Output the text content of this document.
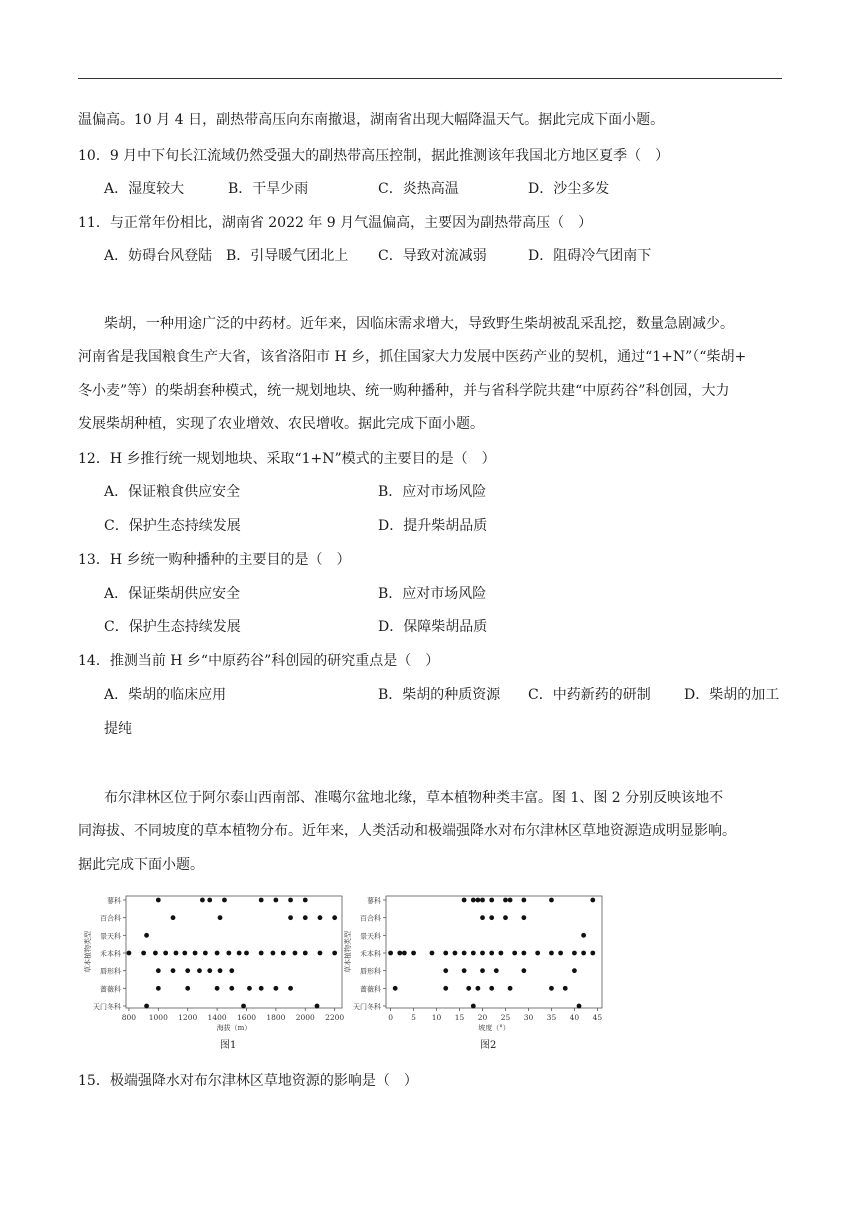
温偏高。10 月 4 日，副热带高压向东南撤退，湖南省出现大幅降温天气。据此完成下面小题。
10．9 月中下旬长江流域仍然受强大的副热带高压控制，据此推测该年我国北方地区夏季（　）
A．湿度较大	B．干旱少雨	C．炎热高温	D．沙尘多发
11．与正常年份相比，湖南省 2022 年 9 月气温偏高，主要因为副热带高压（　）
A．妨碍台风登陆 B．引导暖气团北上 C．导致对流减弱	D．阻碍冷气团南下
柴胡，一种用途广泛的中药材。近年来，因临床需求增大，导致野生柴胡被乱采乱挖，数量急剧减少。
河南省是我国粮食生产大省，该省洛阳市 H 乡，抓住国家大力发展中医药产业的契机，通过“1+N”（“柴胡+
冬小麦”等）的柴胡套种模式，统一规划地块、统一购种播种，并与省科学院共建“中原药谷”科创园，大力
发展柴胡种植，实现了农业增效、农民增收。据此完成下面小题。
12．H 乡推行统一规划地块、采取“1+N”模式的主要目的是（　）
A．保证粮食供应安全	B．应对市场风险
C．保护生态持续发展	D．提升柴胡品质
13．H 乡统一购种播种的主要目的是（　）
A．保证柴胡供应安全	B．应对市场风险
C．保护生态持续发展	D．保障柴胡品质
14．推测当前 H 乡“中原药谷”科创园的研究重点是（　）
A．柴胡的临床应用	B．柴胡的种质资源 C．中药新药的研制 D．柴胡的加工
提纯
布尔津林区位于阿尔泰山西南部、准噶尔盆地北缘，草本植物种类丰富。图 1、图 2 分别反映该地不
同海拔、不同坡度的草本植物分布。近年来，人类活动和极端强降水对布尔津林区草地资源造成明显影响。
据此完成下面小题。
蓼科
百合科
景天科
禾本科
唇形科
蔷薇科
天门冬科
800 1000 1200 1400 1600 1800 2000 2200
海拔（m）
草本植物类型
图1
蓼科
百合科
景天科
禾本科
唇形科
蔷薇科
天门冬科
0 5 10 15 20 25 30 35 40 45
坡度（°）
草本植物类型
图2
15．极端强降水对布尔津林区草地资源的影响是（　）
